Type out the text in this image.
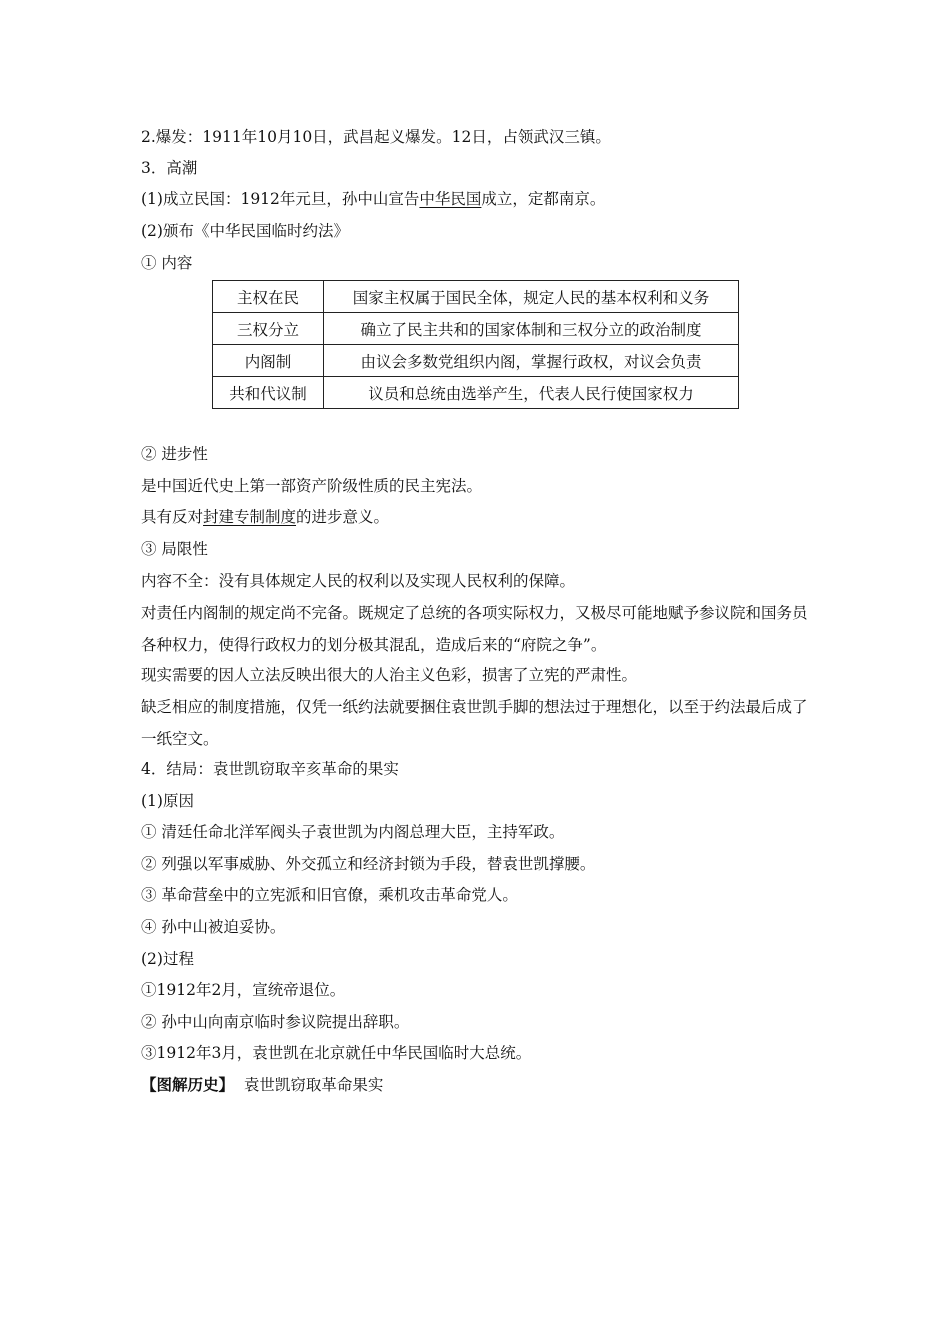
2.爆发：1911年10月10日，武昌起义爆发。12日，占领武汉三镇。
3．高潮
(1)成立民国：1912年元旦，孙中山宣告中华民国成立，定都南京。
(2)颁布《中华民国临时约法》
① 内容
主权在民	国家主权属于国民全体，规定人民的基本权利和义务
三权分立	确立了民主共和的国家体制和三权分立的政治制度
内阁制	由议会多数党组织内阁，掌握行政权，对议会负责
共和代议制	议员和总统由选举产生，代表人民行使国家权力
② 进步性
是中国近代史上第一部资产阶级性质的民主宪法。
具有反对封建专制制度的进步意义。
③ 局限性
内容不全：没有具体规定人民的权利以及实现人民权利的保障。
对责任内阁制的规定尚不完备。既规定了总统的各项实际权力，又极尽可能地赋予参议院和国务员各种权力，使得行政权力的划分极其混乱，造成后来的“府院之争”。
现实需要的因人立法反映出很大的人治主义色彩，损害了立宪的严肃性。
缺乏相应的制度措施，仅凭一纸约法就要捆住袁世凯手脚的想法过于理想化，以至于约法最后成了一纸空文。
4．结局：袁世凯窃取辛亥革命的果实
(1)原因
① 清廷任命北洋军阀头子袁世凯为内阁总理大臣，主持军政。
② 列强以军事威胁、外交孤立和经济封锁为手段，替袁世凯撑腰。
③ 革命营垒中的立宪派和旧官僚，乘机攻击革命党人。
④ 孙中山被迫妥协。
(2)过程
①1912年2月，宣统帝退位。
② 孙中山向南京临时参议院提出辞职。
③1912年3月，袁世凯在北京就任中华民国临时大总统。
【图解历史】 袁世凯窃取革命果实
